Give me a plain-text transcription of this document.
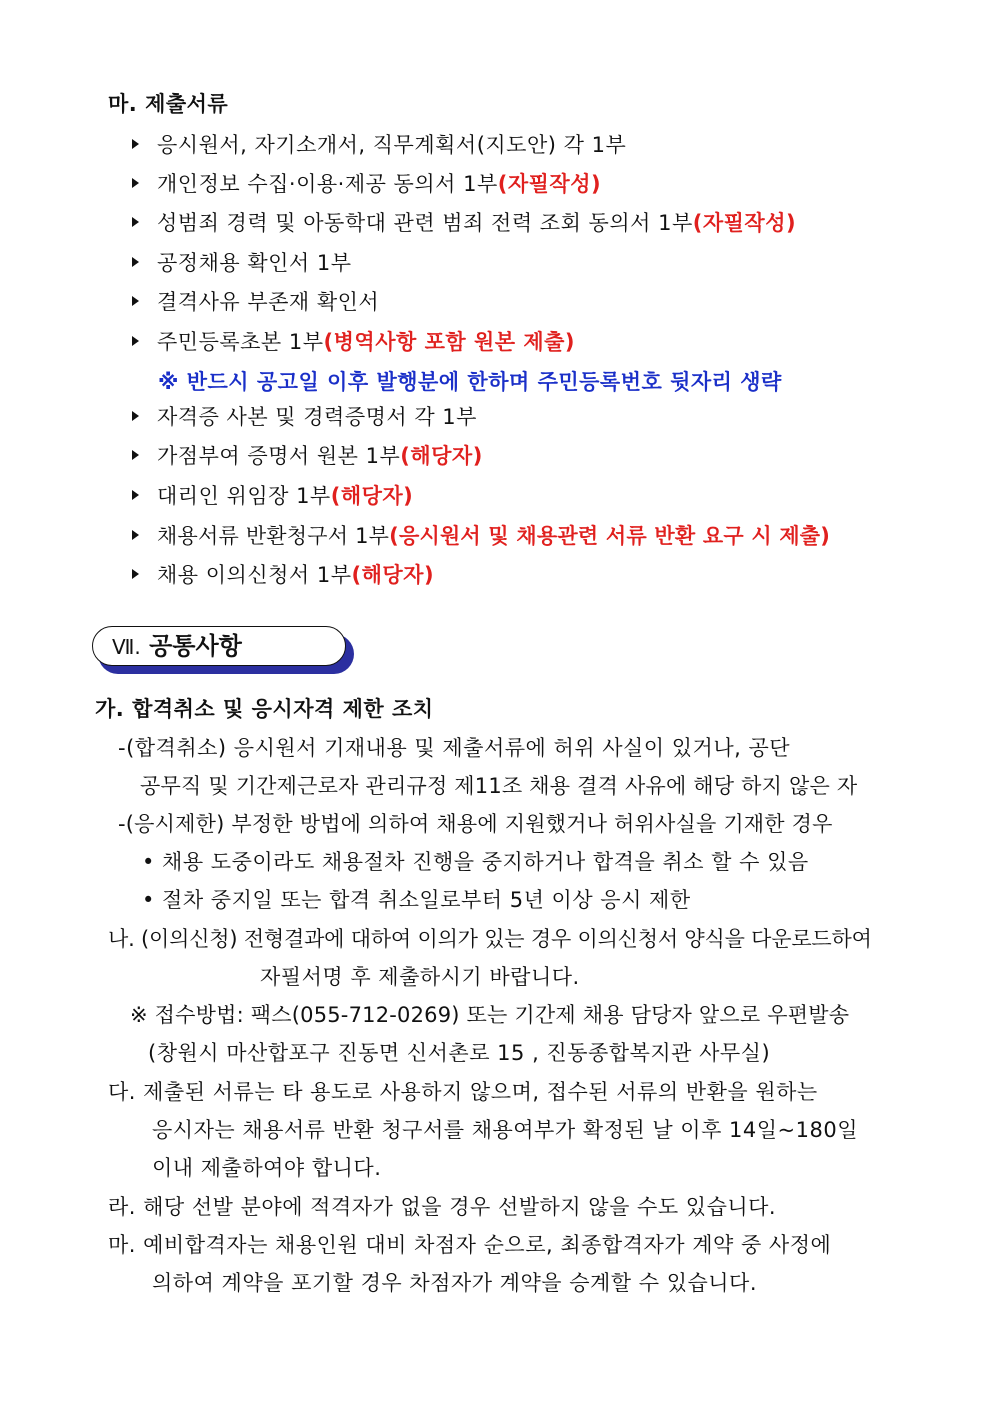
마. 제출서류
응시원서, 자기소개서, 직무계획서(지도안) 각 1부
개인정보 수집·이용·제공 동의서 1부(자필작성)
성범죄 경력 및 아동학대 관련 범죄 전력 조회 동의서 1부(자필작성)
공정채용 확인서 1부
결격사유 부존재 확인서
주민등록초본 1부(병역사항 포함 원본 제출)
※ 반드시 공고일 이후 발행분에 한하며 주민등록번호 뒷자리 생략
자격증 사본 및 경력증명서 각 1부
가점부여 증명서 원본 1부(해당자)
대리인 위임장 1부(해당자)
채용서류 반환청구서 1부(응시원서 및 채용관련 서류 반환 요구 시 제출)
채용 이의신청서 1부(해당자)
Ⅶ. 공통사항
가. 합격취소 및 응시자격 제한 조치
-(합격취소) 응시원서 기재내용 및 제출서류에 허위 사실이 있거나, 공단
공무직 및 기간제근로자 관리규정 제11조 채용 결격 사유에 해당 하지 않은 자
-(응시제한) 부정한 방법에 의하여 채용에 지원했거나 허위사실을 기재한 경우
• 채용 도중이라도 채용절차 진행을 중지하거나 합격을 취소 할 수 있음
• 절차 중지일 또는 합격 취소일로부터 5년 이상 응시 제한
나. (이의신청) 전형결과에 대하여 이의가 있는 경우 이의신청서 양식을 다운로드하여
자필서명 후 제출하시기 바랍니다.
※ 접수방법: 팩스(055-712-0269) 또는 기간제 채용 담당자 앞으로 우편발송
(창원시 마산합포구 진동면 신서촌로 15 , 진동종합복지관 사무실)
다. 제출된 서류는 타 용도로 사용하지 않으며, 접수된 서류의 반환을 원하는
응시자는 채용서류 반환 청구서를 채용여부가 확정된 날 이후 14일~180일
이내 제출하여야 합니다.
라. 해당 선발 분야에 적격자가 없을 경우 선발하지 않을 수도 있습니다.
마. 예비합격자는 채용인원 대비 차점자 순으로, 최종합격자가 계약 중 사정에
의하여 계약을 포기할 경우 차점자가 계약을 승계할 수 있습니다.
